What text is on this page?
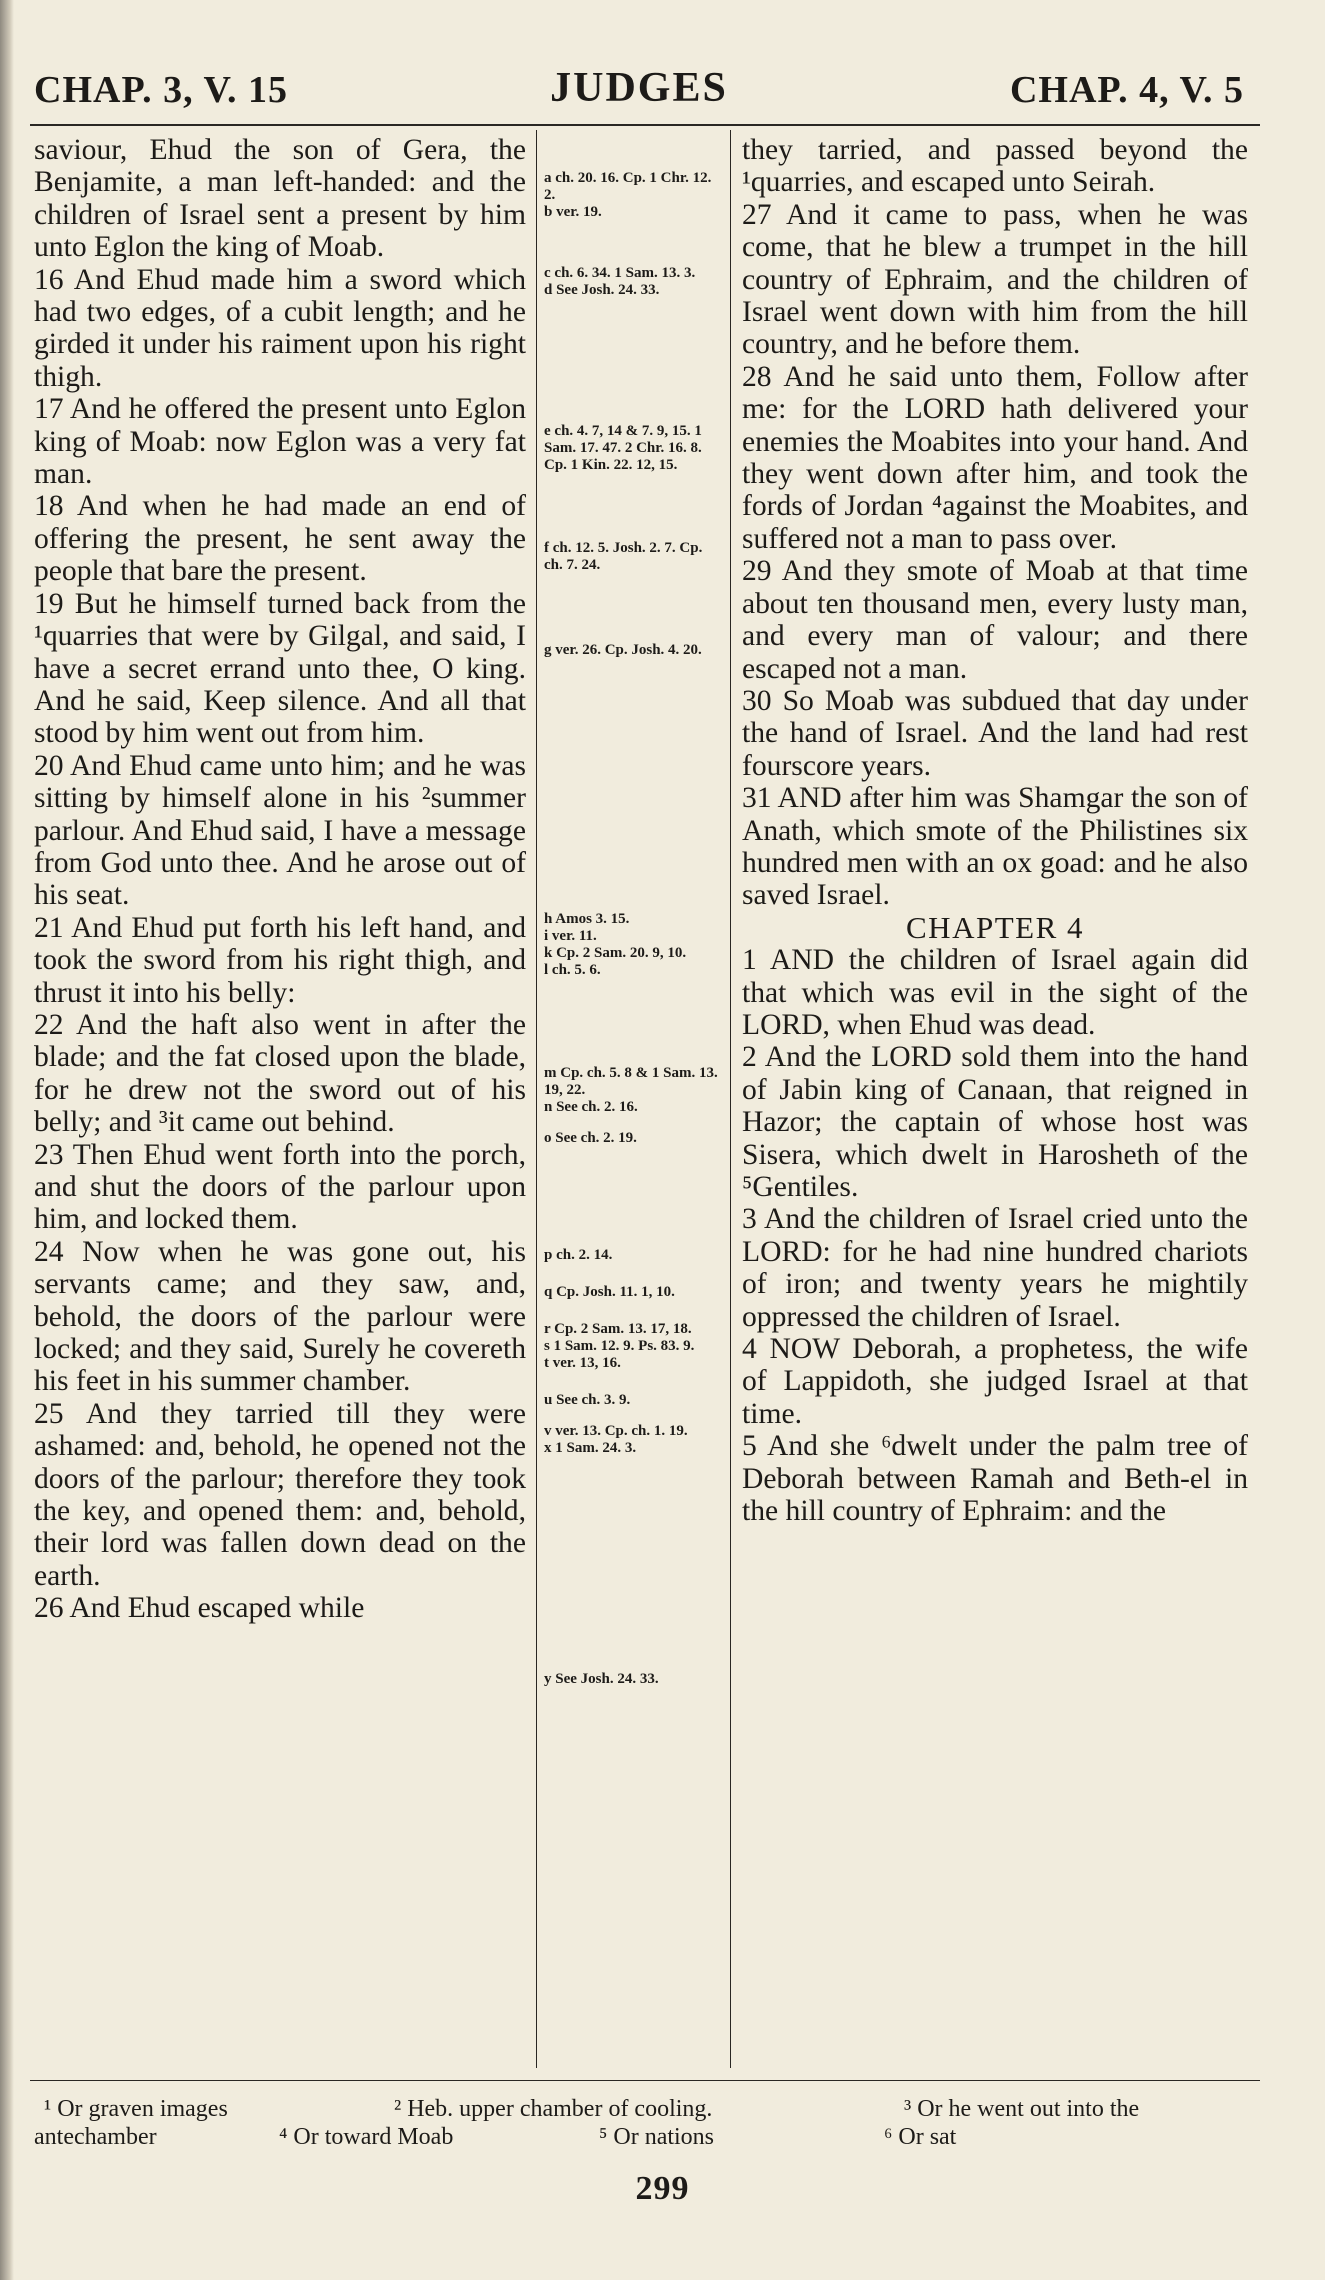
CHAP. 3, V. 15	JUDGES	CHAP. 4, V. 5

saviour, Ehud the son of Gera, the Benjamite, a man left-handed: and the children of Israel sent a present by him unto Eglon the king of Moab.

16 And Ehud made him a sword which had two edges, of a cubit length; and he girded it under his raiment upon his right thigh.

17 And he offered the present unto Eglon king of Moab: now Eglon was a very fat man.

18 And when he had made an end of offering the present, he sent away the people that bare the present.

19 But he himself turned back from the ¹quarries that were by Gilgal, and said, I have a secret errand unto thee, O king. And he said, Keep silence. And all that stood by him went out from him.

20 And Ehud came unto him; and he was sitting by himself alone in his ²summer parlour. And Ehud said, I have a message from God unto thee. And he arose out of his seat.

21 And Ehud put forth his left hand, and took the sword from his right thigh, and thrust it into his belly:

22 And the haft also went in after the blade; and the fat closed upon the blade, for he drew not the sword out of his belly; and ³it came out behind.

23 Then Ehud went forth into the porch, and shut the doors of the parlour upon him, and locked them.

24 Now when he was gone out, his servants came; and they saw, and, behold, the doors of the parlour were locked; and they said, Surely he covereth his feet in his summer chamber.

25 And they tarried till they were ashamed: and, behold, he opened not the doors of the parlour; therefore they took the key, and opened them: and, behold, their lord was fallen down dead on the earth.

26 And Ehud escaped while

a ch. 20. 16. Cp. 1 Chr. 12. 2.

b ver. 19.

c ch. 6. 34. 1 Sam. 13. 3.

d See Josh. 24. 33.

e ch. 4. 7, 14 & 7. 9, 15. 1 Sam. 17. 47. 2 Chr. 16. 8. Cp. 1 Kin. 22. 12, 15.

f ch. 12. 5. Josh. 2. 7. Cp. ch. 7. 24.

g ver. 26. Cp. Josh. 4. 20.

h Amos 3. 15.

i ver. 11.

k Cp. 2 Sam. 20. 9, 10.

l ch. 5. 6.

m Cp. ch. 5. 8 & 1 Sam. 13. 19, 22.

n See ch. 2. 16.

o See ch. 2. 19.

p ch. 2. 14.

q Cp. Josh. 11. 1, 10.

r Cp. 2 Sam. 13. 17, 18.

s 1 Sam. 12. 9. Ps. 83. 9.

t ver. 13, 16.

u See ch. 3. 9.

v ver. 13. Cp. ch. 1. 19.

x 1 Sam. 24. 3.

y See Josh. 24. 33.

they tarried, and passed beyond the ¹quarries, and escaped unto Seirah.

27 And it came to pass, when he was come, that he blew a trumpet in the hill country of Ephraim, and the children of Israel went down with him from the hill country, and he before them.

28 And he said unto them, Follow after me: for the LORD hath delivered your enemies the Moabites into your hand. And they went down after him, and took the fords of Jordan ⁴against the Moabites, and suffered not a man to pass over.

29 And they smote of Moab at that time about ten thousand men, every lusty man, and every man of valour; and there escaped not a man.

30 So Moab was subdued that day under the hand of Israel. And the land had rest fourscore years.

31 AND after him was Shamgar the son of Anath, which smote of the Philistines six hundred men with an ox goad: and he also saved Israel.

CHAPTER 4

1 AND the children of Israel again did that which was evil in the sight of the LORD, when Ehud was dead.

2 And the LORD sold them into the hand of Jabin king of Canaan, that reigned in Hazor; the captain of whose host was Sisera, which dwelt in Harosheth of the ⁵Gentiles.

3 And the children of Israel cried unto the LORD: for he had nine hundred chariots of iron; and twenty years he mightily oppressed the children of Israel.

4 NOW Deborah, a prophetess, the wife of Lappidoth, she judged Israel at that time.

5 And she ⁶dwelt under the palm tree of Deborah between Ramah and Beth-el in the hill country of Ephraim: and the

¹ Or graven images	² Heb. upper chamber of cooling.	³ Or he went out into the
antechamber	⁴ Or toward Moab	⁵ Or nations	⁶ Or sat
299
